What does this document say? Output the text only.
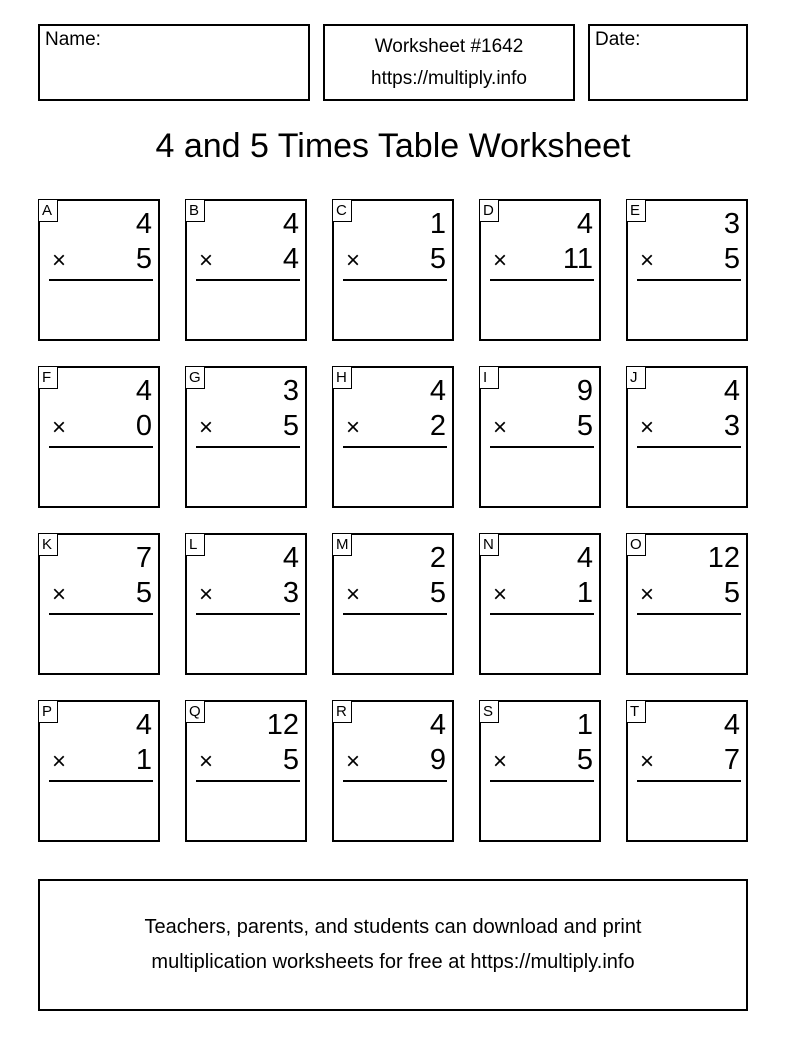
Name:	Worksheet #1642
https://multiply.info
Date:
4 and 5 Times Table Worksheet
A	4
× 5
B	4
× 4
C	1
× 5
D	4
× 11
E	3
× 5
F	4
× 0
G	3
× 5
H	4
× 2
I	9
× 5
J	4
× 3
K	7
× 5
L	4
× 3
M	2
× 5
N	4
× 1
O 12
× 5
P	4
× 1
Q 12
× 5
R	4
× 9
S	1
× 5
T	4
× 7
Teachers, parents, and students can download and print
multiplication worksheets for free at https://multiply.info
